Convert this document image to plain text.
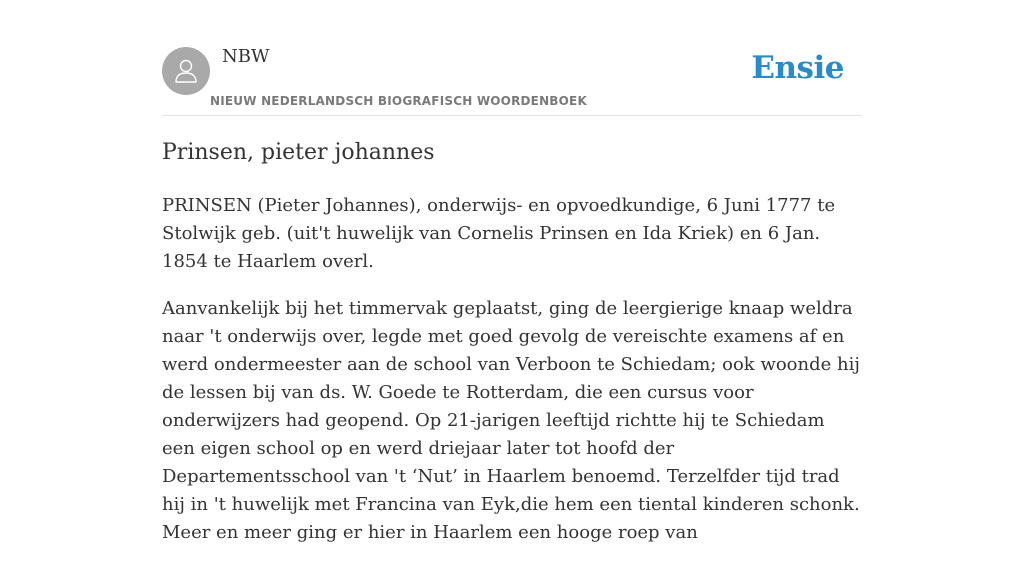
NBW

NIEUW NEDERLANDSCH BIOGRAFISCH WOORDENBOEK

Ensie
Prinsen, pieter johannes

PRINSEN (Pieter Johannes), onderwijs- en opvoedkundige, 6 Juni 1777 te Stolwijk geb. (uit't huwelijk van Cornelis Prinsen en Ida Kriek) en 6 Jan. 1854 te Haarlem overl.

Aanvankelijk bij het timmervak geplaatst, ging de leergierige knaap weldra naar 't onderwijs over, legde met goed gevolg de vereischte examens af en werd ondermeester aan de school van Verboon te Schiedam; ook woonde hij de lessen bij van ds. W. Goede te Rotterdam, die een cursus voor onderwijzers had geopend. Op 21-jarigen leeftijd richtte hij te Schiedam een eigen school op en werd driejaar later tot hoofd der Departementsschool van 't ‘Nut’ in Haarlem benoemd. Terzelfder tijd trad hij in 't huwelijk met Francina van Eyk,die hem een tiental kinderen schonk. Meer en meer ging er hier in Haarlem een hooge roep van
